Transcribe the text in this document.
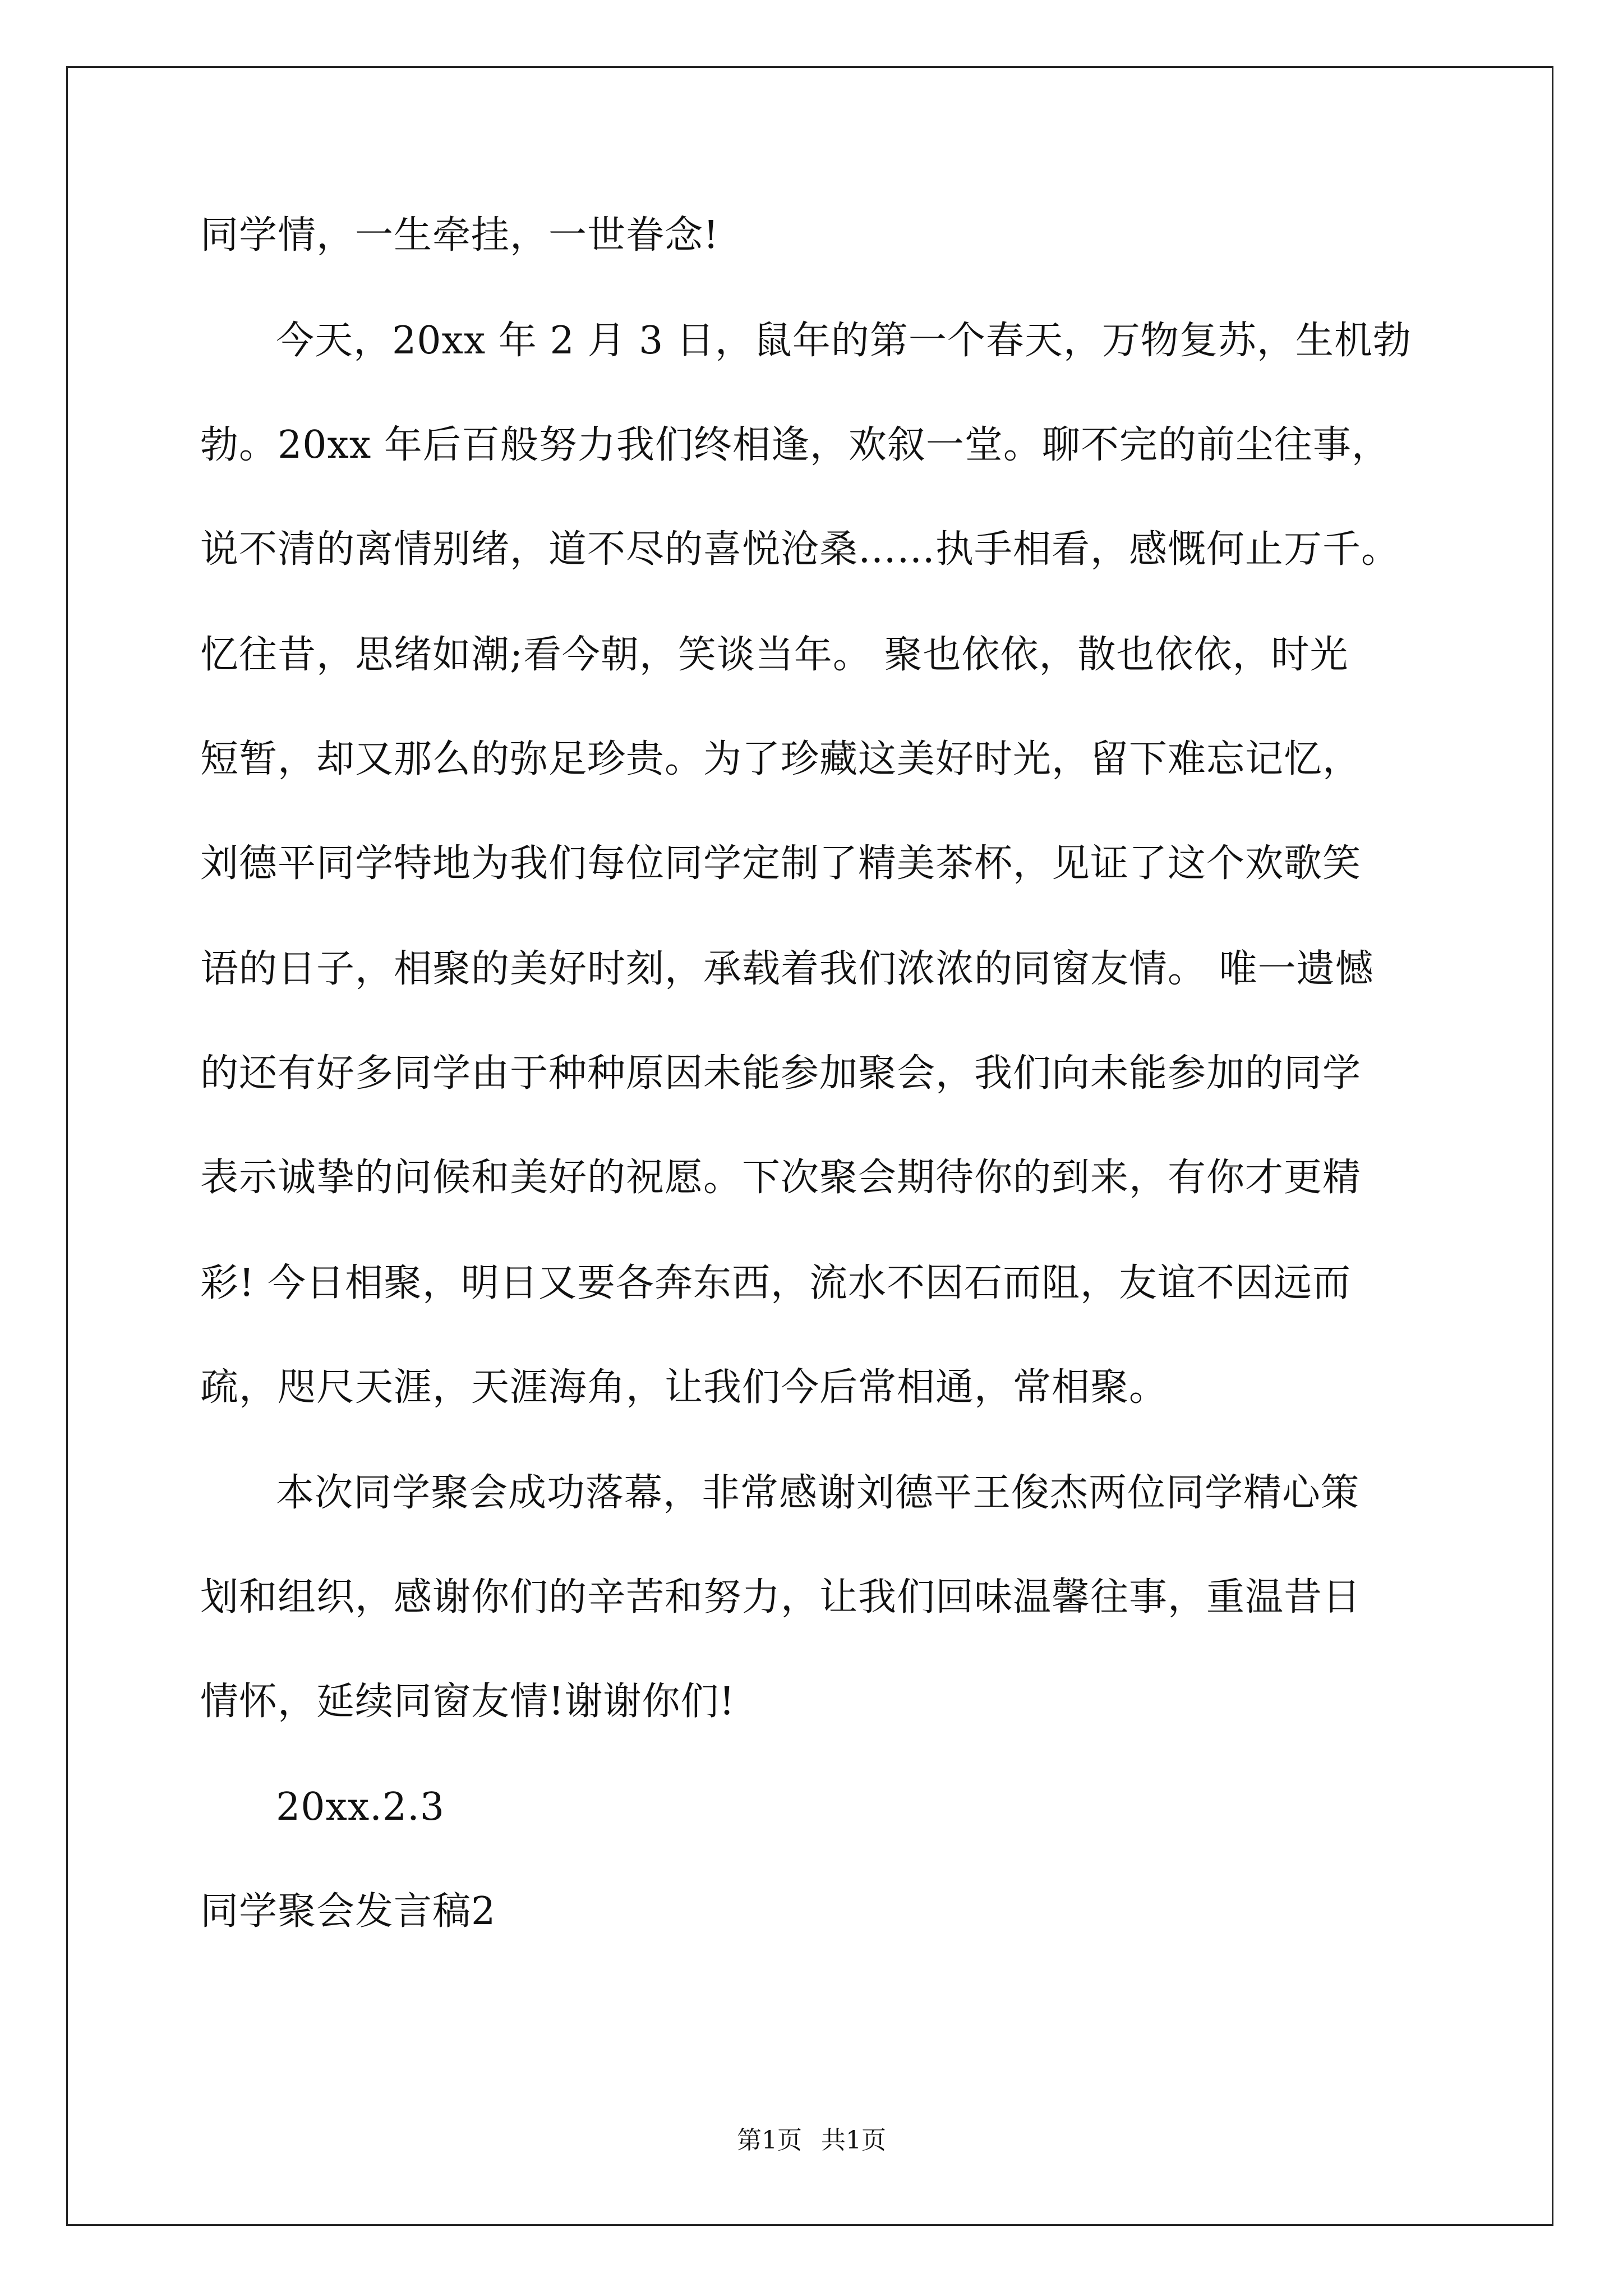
同学情，一生牵挂，一世眷念!
今天，20xx 年 2 月 3 日，鼠年的第一个春天，万物复苏，生机勃
勃。20xx 年后百般努力我们终相逢，欢叙一堂。聊不完的前尘往事，
说不清的离情别绪，道不尽的喜悦沧桑……执手相看，感慨何止万千。
忆往昔，思绪如潮;看今朝，笑谈当年。 聚也依依，散也依依，时光
短暂，却又那么的弥足珍贵。为了珍藏这美好时光，留下难忘记忆，
刘德平同学特地为我们每位同学定制了精美茶杯，见证了这个欢歌笑
语的日子，相聚的美好时刻，承载着我们浓浓的同窗友情。 唯一遗憾
的还有好多同学由于种种原因未能参加聚会，我们向未能参加的同学
表示诚挚的问候和美好的祝愿。下次聚会期待你的到来，有你才更精
彩! 今日相聚，明日又要各奔东西，流水不因石而阻，友谊不因远而
疏，咫尺天涯，天涯海角，让我们今后常相通，常相聚。
本次同学聚会成功落幕，非常感谢刘德平王俊杰两位同学精心策
划和组织，感谢你们的辛苦和努力，让我们回味温馨往事，重温昔日
情怀，延续同窗友情!谢谢你们!
20xx.2.3
同学聚会发言稿2
第1页 共1页
